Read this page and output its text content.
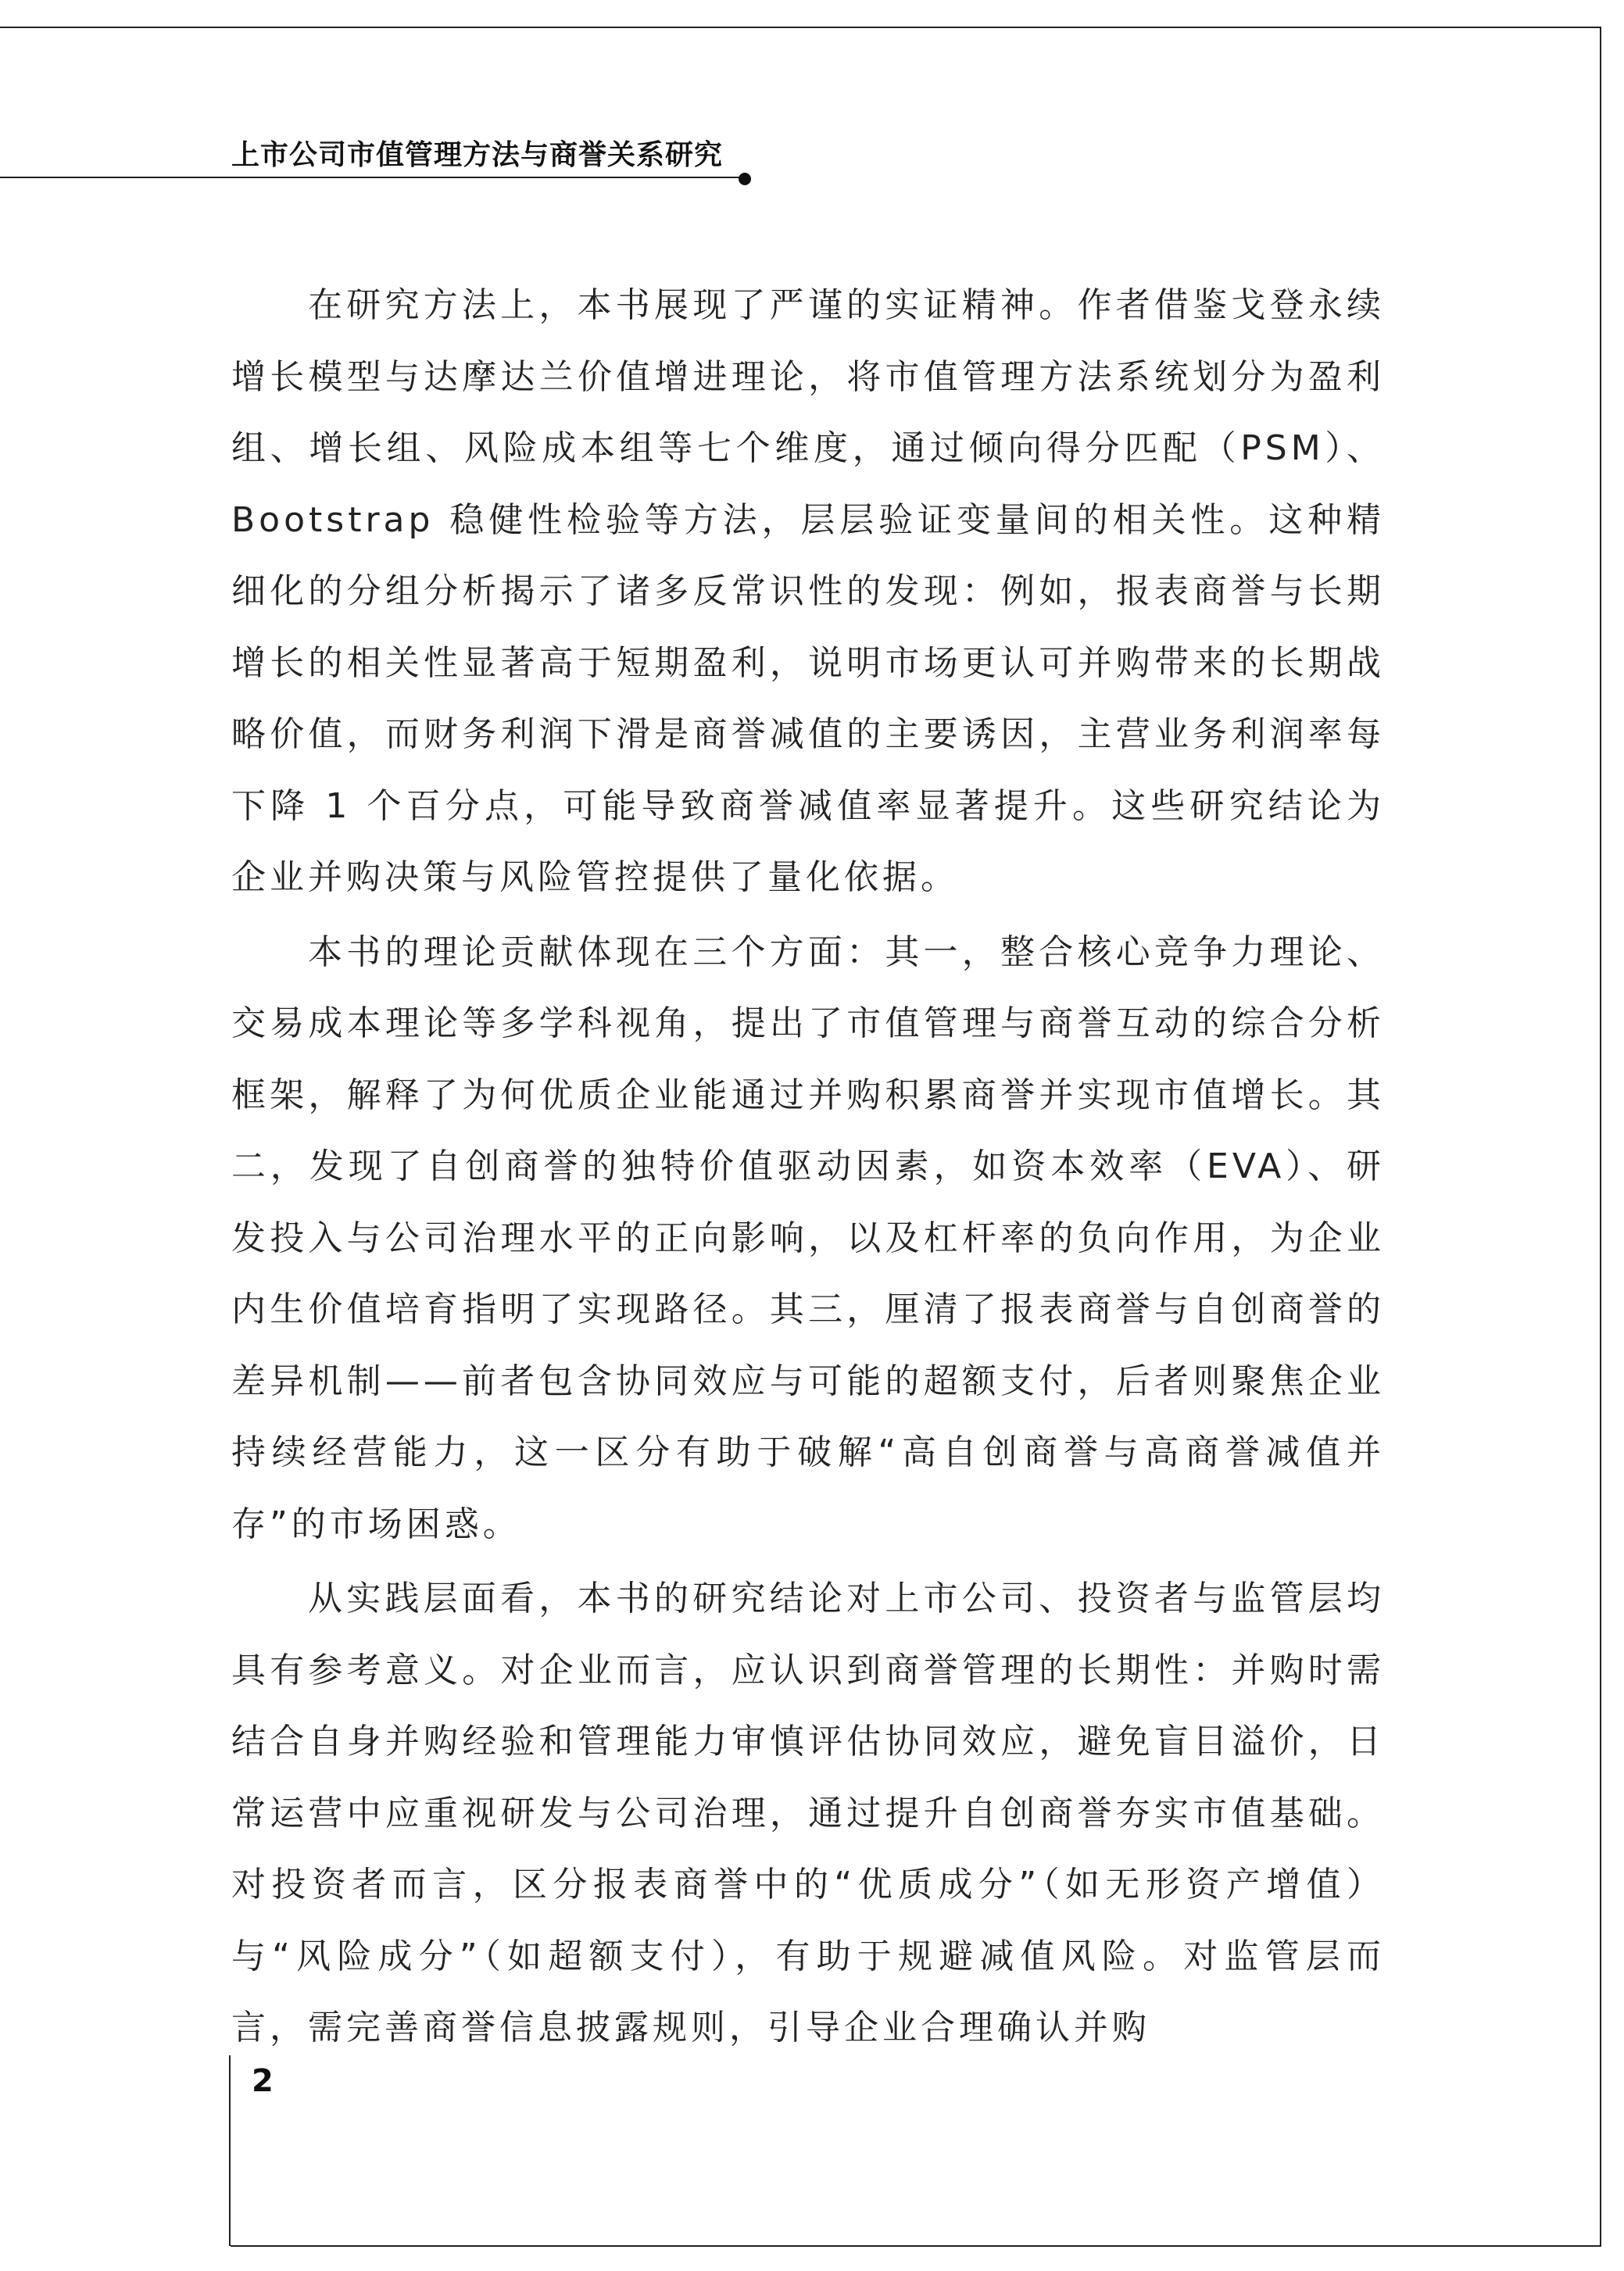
上市公司市值管理方法与商誉关系研究

在研究方法上，本书展现了严谨的实证精神。作者借鉴戈登永续增长模型与达摩达兰价值增进理论，将市值管理方法系统划分为盈利组、增长组、风险成本组等七个维度，通过倾向得分匹配（PSM）、Bootstrap 稳健性检验等方法，层层验证变量间的相关性。这种精细化的分组分析揭示了诸多反常识性的发现：例如，报表商誉与长期增长的相关性显著高于短期盈利，说明市场更认可并购带来的长期战略价值，而财务利润下滑是商誉减值的主要诱因，主营业务利润率每下降 1 个百分点，可能导致商誉减值率显著提升。这些研究结论为企业并购决策与风险管控提供了量化依据。

本书的理论贡献体现在三个方面：其一，整合核心竞争力理论、交易成本理论等多学科视角，提出了市值管理与商誉互动的综合分析框架，解释了为何优质企业能通过并购积累商誉并实现市值增长。其二，发现了自创商誉的独特价值驱动因素，如资本效率（EVA）、研发投入与公司治理水平的正向影响，以及杠杆率的负向作用，为企业内生价值培育指明了实现路径。其三，厘清了报表商誉与自创商誉的差异机制——前者包含协同效应与可能的超额支付，后者则聚焦企业持续经营能力，这一区分有助于破解“高自创商誉与高商誉减值并存”的市场困惑。

从实践层面看，本书的研究结论对上市公司、投资者与监管层均具有参考意义。对企业而言，应认识到商誉管理的长期性：并购时需结合自身并购经验和管理能力审慎评估协同效应，避免盲目溢价，日常运营中应重视研发与公司治理，通过提升自创商誉夯实市值基础。对投资者而言，区分报表商誉中的“优质成分”（如无形资产增值）与“风险成分”（如超额支付），有助于规避减值风险。对监管层而言，需完善商誉信息披露规则，引导企业合理确认并购

2
